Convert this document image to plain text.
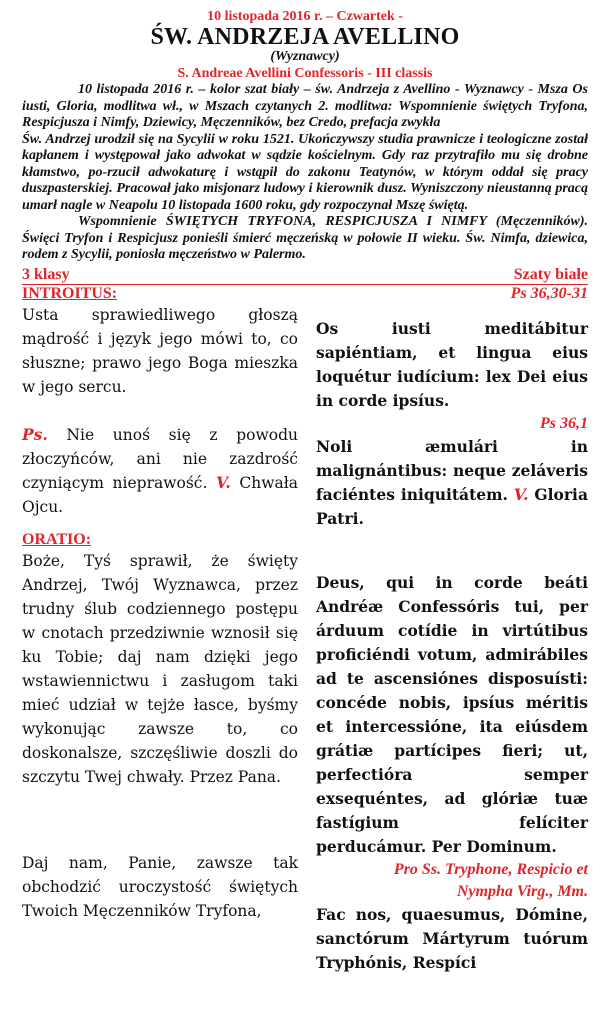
10 listopada 2016 r. – Czwartek -
ŚW. ANDRZEJA AVELLINO
(Wyznawcy)
S. Andreae Avellini Confessoris - III classis

10 listopada 2016 r. – kolor szat biały – św. Andrzeja z Avellino - Wyznawcy - Msza Os iusti, Gloria, modlitwa wł., w Mszach czytanych 2. modlitwa: Wspomnienie świętych Tryfona, Respicjusza i Nimfy, Dziewicy, Męczenników, bez Credo, prefacja zwykła

Św. Andrzej urodził się na Sycylii w roku 1521. Ukończywszy studia prawnicze i teologiczne został kapłanem i występował jako adwokat w sądzie kościelnym. Gdy raz przytrafiło mu się drobne kłamstwo, po-rzucił adwokaturę i wstąpił do zakonu Teatynów, w którym oddał się pracy duszpasterskiej. Pracował jako misjonarz ludowy i kierownik dusz. Wyniszczony nieustanną pracą umarł nagle w Neapolu 10 listopada 1600 roku, gdy rozpoczynał Mszę świętą.

Wspomnienie ŚWIĘTYCH TRYFONA, RESPICJUSZA I NIMFY (Męczenników). Święci Tryfon i Respicjusz ponieśli śmierć męczeńską w połowie II wieku. Św. Nimfa, dziewica, rodem z Sycylii, poniosła męczeństwo w Palermo.

3 klasy	Szaty białe
INTROITUS:	Ps 36,30-31

Usta sprawiedliwego głoszą mądrość i język jego mówi to, co słuszne; prawo jego Boga mieszka w jego sercu.

Ps. Nie unoś się z powodu złoczyńców, ani nie zazdrość czyniącym nieprawość. V. Chwała Ojcu.

Os iusti meditábitur sapiéntiam, et lingua eius loquétur iudícium: lex Dei eius in corde ipsíus.

Ps 36,1

Noli æmulári in malignántibus: neque zeláveris faciéntes iniquitátem. V. Gloria Patri.

ORATIO:

Boże, Tyś sprawił, że święty Andrzej, Twój Wyznawca, przez trudny ślub codziennego postępu w cnotach przedziwnie wznosił się ku Tobie; daj nam dzięki jego wstawiennictwu i zasługom taki mieć udział w tejże łasce, byśmy wykonując zawsze to, co doskonalsze, szczęśliwie doszli do szczytu Twej chwały. Przez Pana.

Daj nam, Panie, zawsze tak obchodzić uroczystość świętych Twoich Męczenników Tryfona,

Deus, qui in corde beáti Andréæ Confessóris tui, per árduum cotídie in virtútibus proficiéndi votum, admirábiles ad te ascensiónes disposuísti: concéde nobis, ipsíus méritis et intercessióne, ita eiúsdem grátiæ partícipes fieri; ut, perfectióra semper exsequéntes, ad glóriæ tuæ fastígium felíciter perducámur. Per Dominum.

Pro Ss. Tryphone, Respicio et
Nympha Virg., Mm.

Fac nos, quaesumus, Dómine, sanctórum Mártyrum tuórum Tryphónis, Respíci
